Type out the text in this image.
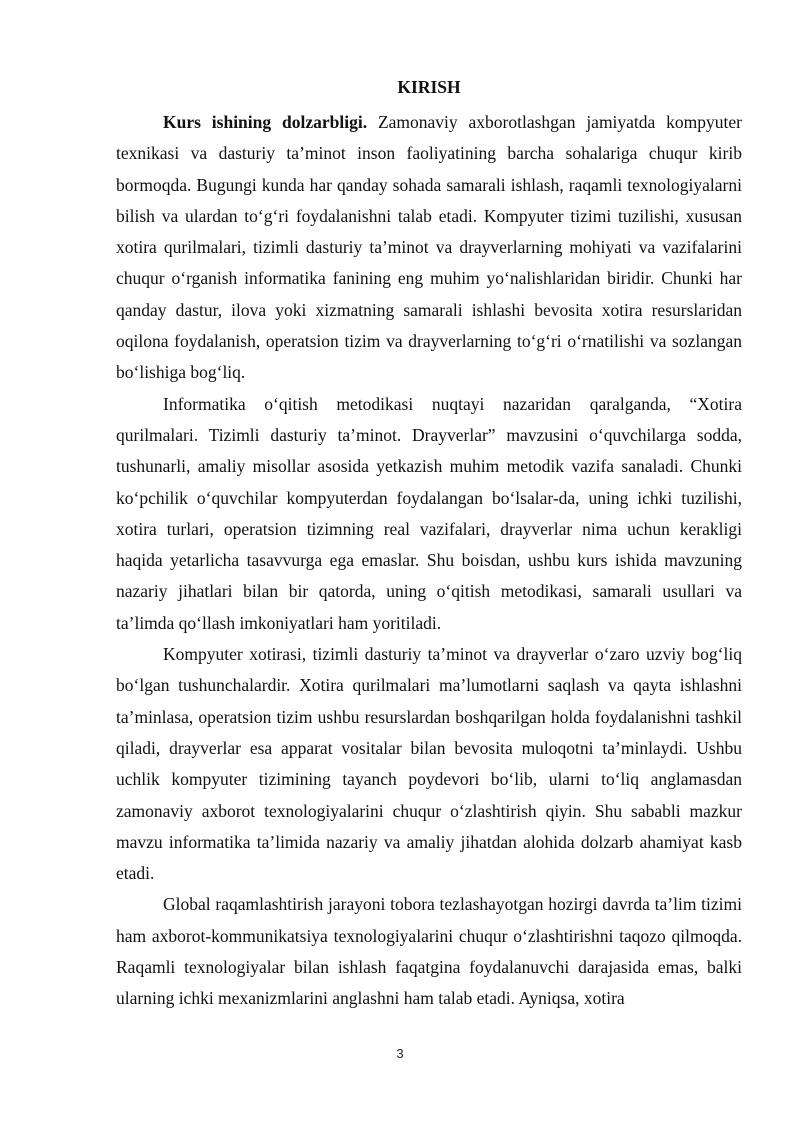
KIRISH

Kurs ishining dolzarbligi. Zamonaviy axborotlashgan jamiyatda kompyuter texnikasi va dasturiy ta’minot inson faoliyatining barcha sohalariga chuqur kirib bormoqda. Bugungi kunda har qanday sohada samarali ishlash, raqamli texnologiyalarni bilish va ulardan to‘g‘ri foydalanishni talab etadi. Kompyuter tizimi tuzilishi, xususan xotira qurilmalari, tizimli dasturiy ta’minot va drayverlarning mohiyati va vazifalarini chuqur o‘rganish informatika fanining eng muhim yo‘nalishlaridan biridir. Chunki har qanday dastur, ilova yoki xizmatning samarali ishlashi bevosita xotira resurslaridan oqilona foydalanish, operatsion tizim va drayverlarning to‘g‘ri o‘rnatilishi va sozlangan bo‘lishiga bog‘liq.

Informatika o‘qitish metodikasi nuqtayi nazaridan qaralganda, “Xotira qurilmalari. Tizimli dasturiy ta’minot. Drayverlar” mavzusini o‘quvchilarga sodda, tushunarli, amaliy misollar asosida yetkazish muhim metodik vazifa sanaladi. Chunki ko‘pchilik o‘quvchilar kompyuterdan foydalangan bo‘lsalar-da, uning ichki tuzilishi, xotira turlari, operatsion tizimning real vazifalari, drayverlar nima uchun kerakligi haqida yetarlicha tasavvurga ega emaslar. Shu boisdan, ushbu kurs ishida mavzuning nazariy jihatlari bilan bir qatorda, uning o‘qitish metodikasi, samarali usullari va ta’limda qo‘llash imkoniyatlari ham yoritiladi.

Kompyuter xotirasi, tizimli dasturiy ta’minot va drayverlar o‘zaro uzviy bog‘liq bo‘lgan tushunchalardir. Xotira qurilmalari ma’lumotlarni saqlash va qayta ishlashni ta’minlasa, operatsion tizim ushbu resurslardan boshqarilgan holda foydalanishni tashkil qiladi, drayverlar esa apparat vositalar bilan bevosita muloqotni ta’minlaydi. Ushbu uchlik kompyuter tizimining tayanch poydevori bo‘lib, ularni to‘liq anglamasdan zamonaviy axborot texnologiyalarini chuqur o‘zlashtirish qiyin. Shu sababli mazkur mavzu informatika ta’limida nazariy va amaliy jihatdan alohida dolzarb ahamiyat kasb etadi.

Global raqamlashtirish jarayoni tobora tezlashayotgan hozirgi davrda ta’lim tizimi ham axborot-kommunikatsiya texnologiyalarini chuqur o‘zlashtirishni taqozo qilmoqda. Raqamli texnologiyalar bilan ishlash faqatgina foydalanuvchi darajasida emas, balki ularning ichki mexanizmlarini anglashni ham talab etadi. Ayniqsa, xotira

3
